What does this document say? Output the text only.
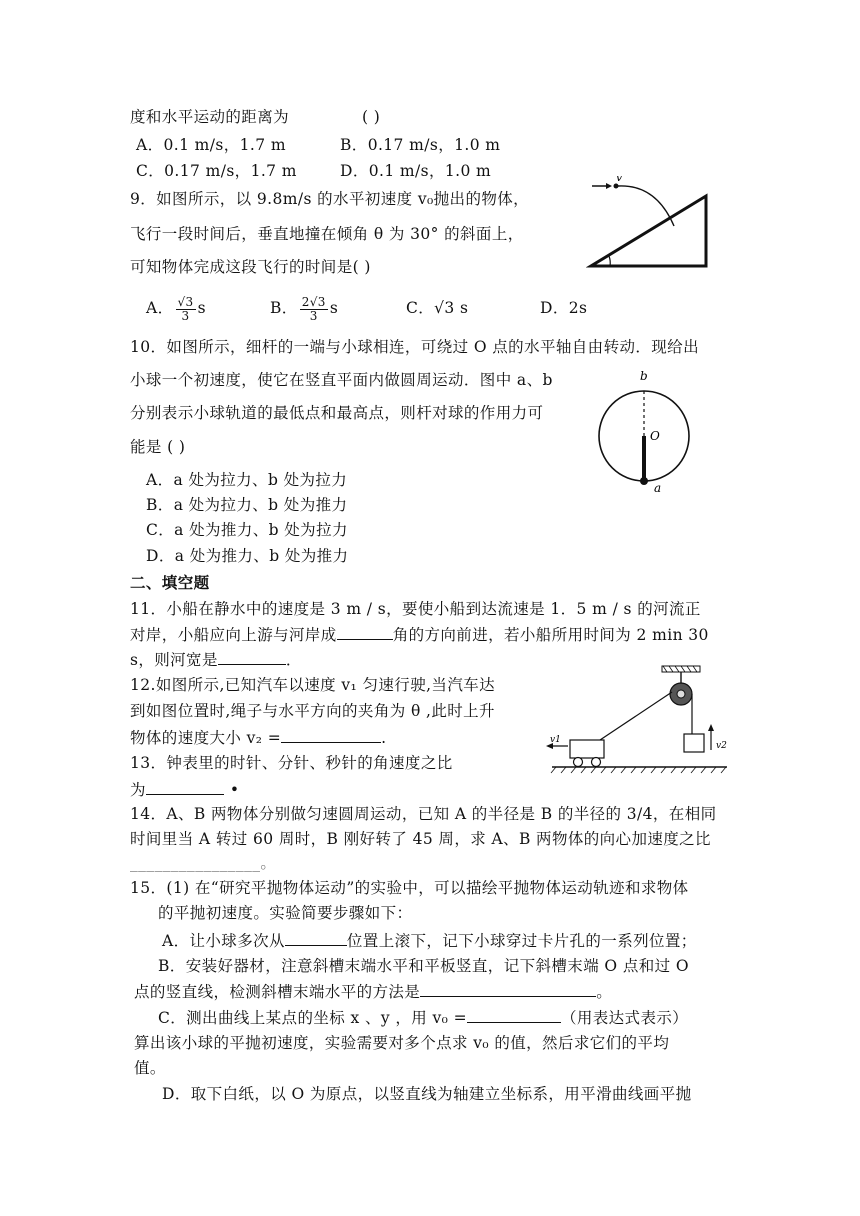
度和水平运动的距离为	( )
A．0.1 m/s，1.7 m	B．0.17 m/s，1.0 m
C．0.17 m/s，1.7 m	D．0.1 m/s，1.0 m
9．如图所示，以 9.8m/s 的水平初速度 v₀抛出的物体，
飞行一段时间后，垂直地撞在倾角 θ 为 30° 的斜面上，
可知物体完成这段飞行的时间是( )
A． $\frac{√3}{3}$ s	B． $\frac{2√3}{3}$ s	C．√3 s	D．2s
v
10．如图所示，细杆的一端与小球相连，可绕过 O 点的水平轴自由转动．现给出
小球一个初速度，使它在竖直平面内做圆周运动．图中 a、b
分别表示小球轨道的最低点和最高点，则杆对球的作用力可
能是 ( )
A．a 处为拉力、b 处为拉力
B．a 处为拉力、b 处为推力
C．a 处为推力、b 处为拉力
D．a 处为推力、b 处为推力
b
O
a
二、填空题
11．小船在静水中的速度是 3 m / s，要使小船到达流速是 1．5 m / s 的河流正
对岸，小船应向上游与河岸成	角的方向前进，若小船所用时间为 2 min 30
s，则河宽是	．
12.如图所示,已知汽车以速度 v₁ 匀速行驶,当汽车达
到如图位置时,绳子与水平方向的夹角为 θ ,此时上升
物体的速度大小 v₂ =	.	v2
v1
13．钟表里的时针、分针、秒针的角速度之比
为	•
14．A、B 两物体分别做匀速圆周运动，已知 A 的半径是 B 的半径的 3/4，在相同
时间里当 A 转过 60 周时，B 刚好转了 45 周，求 A、B 两物体的向心加速度之比
________________。
15．(1) 在“研究平抛物体运动”的实验中，可以描绘平抛物体运动轨迹和求物体
的平抛初速度。实验简要步骤如下：
A．让小球多次从	位置上滚下，记下小球穿过卡片孔的一系列位置；
B．安装好器材，注意斜槽末端水平和平板竖直，记下斜槽末端 O 点和过 O
点的竖直线，检测斜槽末端水平的方法是	。
C．测出曲线上某点的坐标 x 、y ，用 v₀ =	（用表达式表示）
算出该小球的平抛初速度，实验需要对多个点求 v₀ 的值，然后求它们的平均
值。
D．取下白纸，以 O 为原点，以竖直线为轴建立坐标系，用平滑曲线画平抛
